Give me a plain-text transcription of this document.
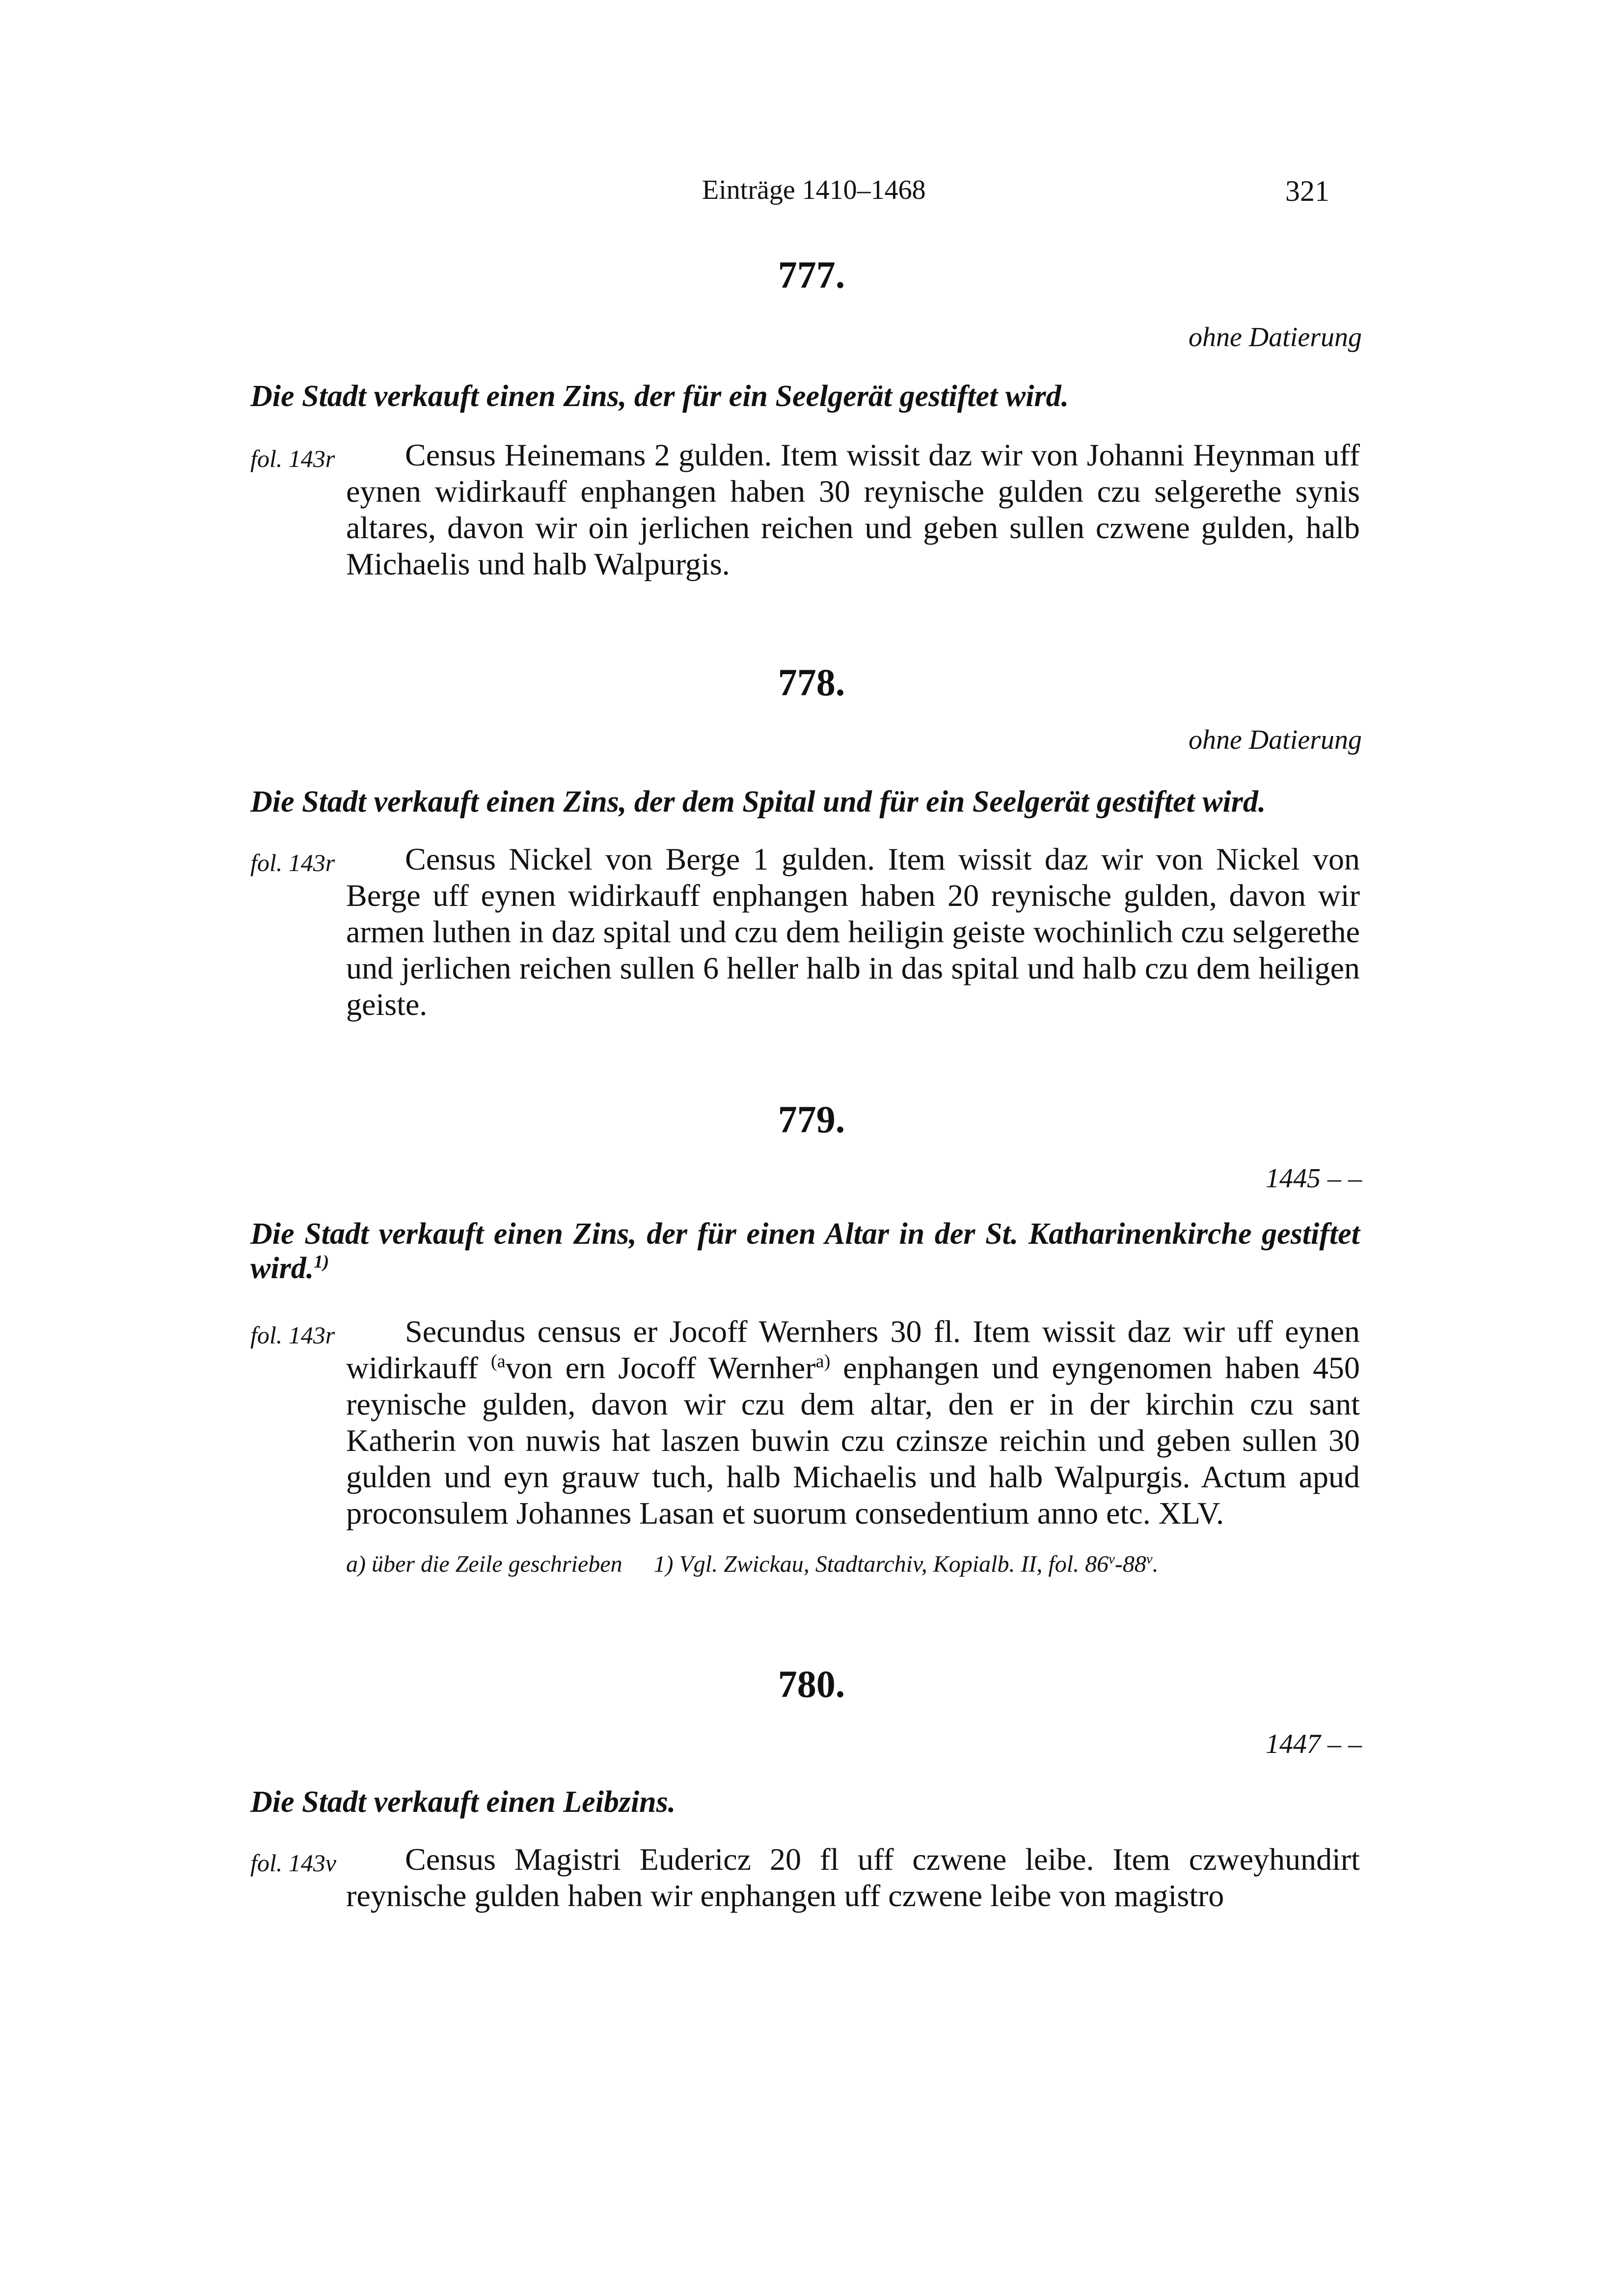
Einträge 1410–1468	321
777.
ohne Datierung
Die Stadt verkauft einen Zins, der für ein Seelgerät gestiftet wird.
fol. 143r	Census Heinemans 2 gulden. Item wissit daz wir von Johanni Heynman uff eynen widirkauff enphangen haben 30 reynische gulden czu selgerethe synis altares, davon wir oin jerlichen reichen und geben sullen czwene gulden, halb Michaelis und halb Walpurgis.
778.
ohne Datierung
Die Stadt verkauft einen Zins, der dem Spital und für ein Seelgerät gestiftet wird.
fol. 143r	Census Nickel von Berge 1 gulden. Item wissit daz wir von Nickel von Berge uff eynen widirkauff enphangen haben 20 reynische gulden, davon wir armen luthen in daz spital und czu dem heiligin geiste wochinlich czu selgerethe und jerlichen reichen sullen 6 heller halb in das spital und halb czu dem heiligen geiste.
779.
1445 – –
Die Stadt verkauft einen Zins, der für einen Altar in der St. Katharinenkirche gestiftet wird.$^{1)}$
fol. 143r	Secundus census er Jocoff Wernhers 30 fl. Item wissit daz wir uff eynen widirkauff $^{(a}$von ern Jocoff Wernher$^{a)}$ enphangen und eyngenomen haben 450 reynische gulden, davon wir czu dem altar, den er in der kirchin czu sant Katherin von nuwis hat laszen buwin czu czinsze reichin und geben sullen 30 gulden und eyn grauw tuch, halb Michaelis und halb Walpurgis. Actum apud proconsulem Johannes Lasan et suorum consedentium anno etc. XLV.
a) über die Zeile geschrieben 1) Vgl. Zwickau, Stadtarchiv, Kopialb. II, fol. 86$^v$-88$^v$.
780.
1447 – –
Die Stadt verkauft einen Leibzins.
fol. 143v	Census Magistri Eudericz 20 fl uff czwene leibe. Item czweyhundirt reynische gulden haben wir enphangen uff czwene leibe von magistro
